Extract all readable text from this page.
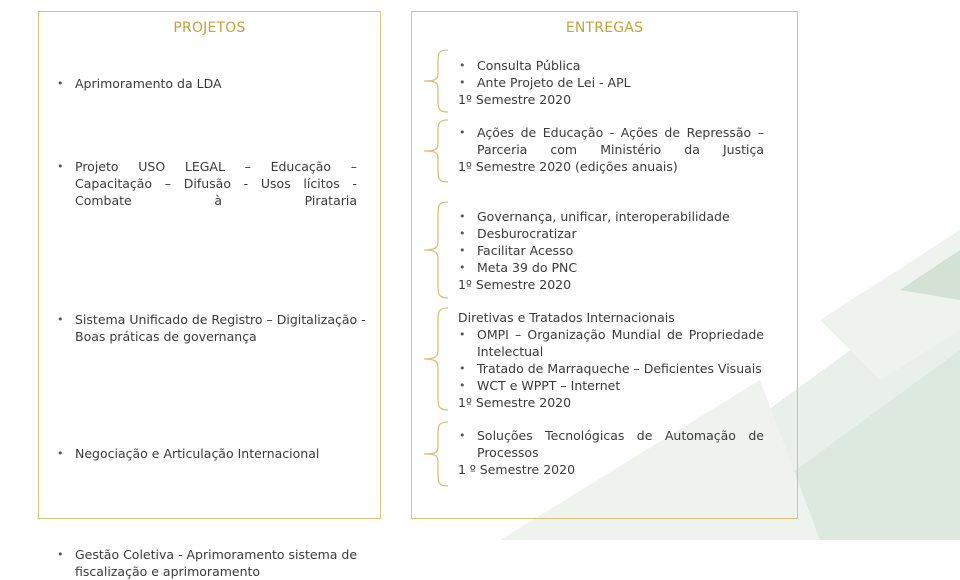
PROJETOS	ENTREGAS
• Aprimoramento da LDA
• Projeto USO LEGAL – Educação – Capacitação – Difusão - Usos lícitos - Combate à Pirataria
• Sistema Unificado de Registro – Digitalização - Boas práticas de governança
• Negociação e Articulação Internacional
• Gestão Coletiva - Aprimoramento sistema de fiscalização e aprimoramento
• Consulta Pública
• Ante Projeto de Lei - APL
1º Semestre 2020
• Ações de Educação - Ações de Repressão – Parceria com Ministério da Justiça
1º Semestre 2020 (edições anuais)
• Governança, unificar, interoperabilidade
• Desburocratizar
• Facilitar Acesso
• Meta 39 do PNC
1º Semestre 2020
Diretivas e Tratados Internacionais
• OMPI – Organização Mundial de Propriedade Intelectual
• Tratado de Marraqueche – Deficientes Visuais
• WCT e WPPT – Internet
1º Semestre 2020
• Soluções Tecnológicas de Automação de Processos
1 º Semestre 2020
